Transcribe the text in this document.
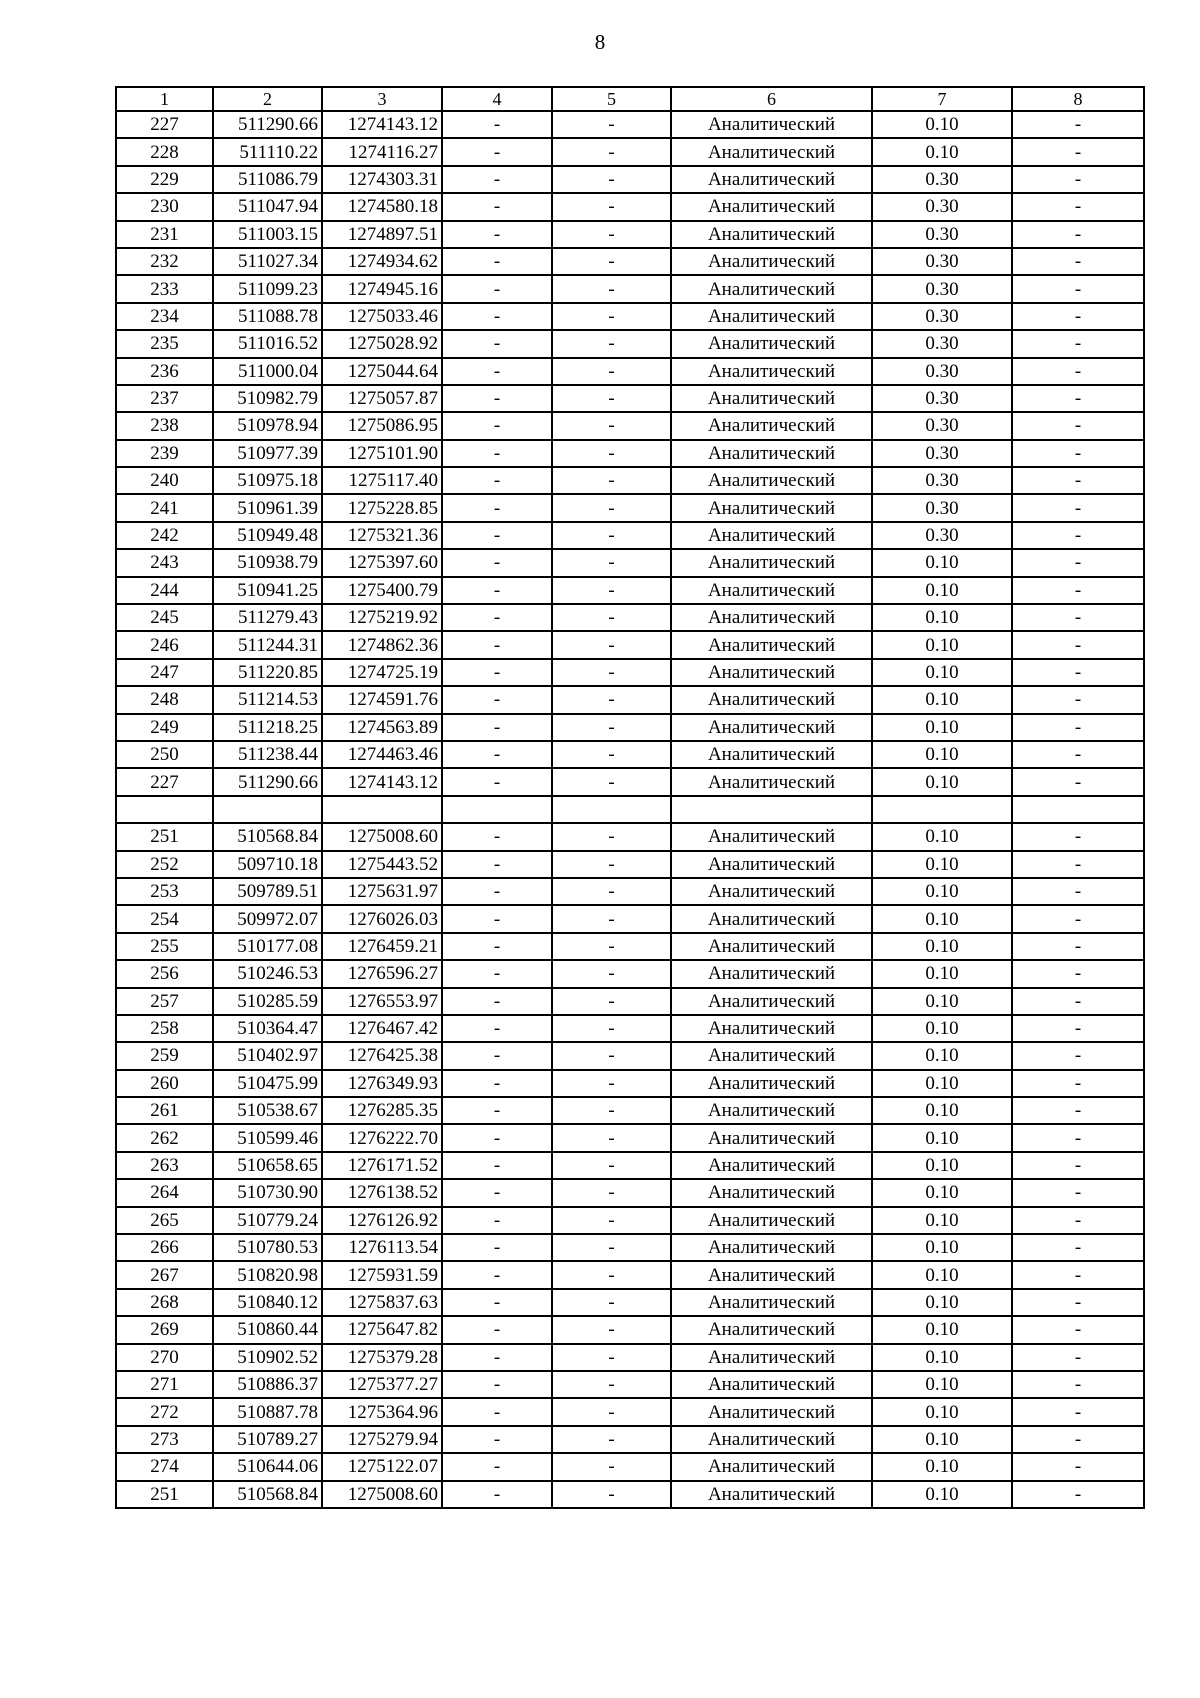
8
1	2	3	4	5	6	7	8
227	511290.66	1274143.12	-	-	Аналитический	0.10	-
228	511110.22	1274116.27	-	-	Аналитический	0.10	-
229	511086.79	1274303.31	-	-	Аналитический	0.30	-
230	511047.94	1274580.18	-	-	Аналитический	0.30	-
231	511003.15	1274897.51	-	-	Аналитический	0.30	-
232	511027.34	1274934.62	-	-	Аналитический	0.30	-
233	511099.23	1274945.16	-	-	Аналитический	0.30	-
234	511088.78	1275033.46	-	-	Аналитический	0.30	-
235	511016.52	1275028.92	-	-	Аналитический	0.30	-
236	511000.04	1275044.64	-	-	Аналитический	0.30	-
237	510982.79	1275057.87	-	-	Аналитический	0.30	-
238	510978.94	1275086.95	-	-	Аналитический	0.30	-
239	510977.39	1275101.90	-	-	Аналитический	0.30	-
240	510975.18	1275117.40	-	-	Аналитический	0.30	-
241	510961.39	1275228.85	-	-	Аналитический	0.30	-
242	510949.48	1275321.36	-	-	Аналитический	0.30	-
243	510938.79	1275397.60	-	-	Аналитический	0.10	-
244	510941.25	1275400.79	-	-	Аналитический	0.10	-
245	511279.43	1275219.92	-	-	Аналитический	0.10	-
246	511244.31	1274862.36	-	-	Аналитический	0.10	-
247	511220.85	1274725.19	-	-	Аналитический	0.10	-
248	511214.53	1274591.76	-	-	Аналитический	0.10	-
249	511218.25	1274563.89	-	-	Аналитический	0.10	-
250	511238.44	1274463.46	-	-	Аналитический	0.10	-
227	511290.66	1274143.12	-	-	Аналитический	0.10	-

251	510568.84	1275008.60	-	-	Аналитический	0.10	-
252	509710.18	1275443.52	-	-	Аналитический	0.10	-
253	509789.51	1275631.97	-	-	Аналитический	0.10	-
254	509972.07	1276026.03	-	-	Аналитический	0.10	-
255	510177.08	1276459.21	-	-	Аналитический	0.10	-
256	510246.53	1276596.27	-	-	Аналитический	0.10	-
257	510285.59	1276553.97	-	-	Аналитический	0.10	-
258	510364.47	1276467.42	-	-	Аналитический	0.10	-
259	510402.97	1276425.38	-	-	Аналитический	0.10	-
260	510475.99	1276349.93	-	-	Аналитический	0.10	-
261	510538.67	1276285.35	-	-	Аналитический	0.10	-
262	510599.46	1276222.70	-	-	Аналитический	0.10	-
263	510658.65	1276171.52	-	-	Аналитический	0.10	-
264	510730.90	1276138.52	-	-	Аналитический	0.10	-
265	510779.24	1276126.92	-	-	Аналитический	0.10	-
266	510780.53	1276113.54	-	-	Аналитический	0.10	-
267	510820.98	1275931.59	-	-	Аналитический	0.10	-
268	510840.12	1275837.63	-	-	Аналитический	0.10	-
269	510860.44	1275647.82	-	-	Аналитический	0.10	-
270	510902.52	1275379.28	-	-	Аналитический	0.10	-
271	510886.37	1275377.27	-	-	Аналитический	0.10	-
272	510887.78	1275364.96	-	-	Аналитический	0.10	-
273	510789.27	1275279.94	-	-	Аналитический	0.10	-
274	510644.06	1275122.07	-	-	Аналитический	0.10	-
251	510568.84	1275008.60	-	-	Аналитический	0.10	-
